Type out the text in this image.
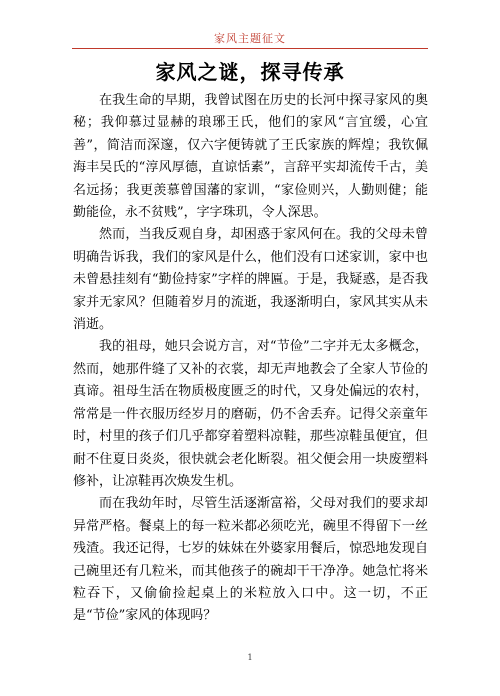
家风主题征文
家风之谜，探寻传承

在我生命的早期，我曾试图在历史的长河中探寻家风的奥秘；我仰慕过显赫的琅琊王氏，他们的家风“言宜缓，心宜善”，简洁而深邃，仅六字便铸就了王氏家族的辉煌；我钦佩海丰吴氏的“淳风厚德，直谅恬素”，言辞平实却流传千古，美名远扬；我更羡慕曾国藩的家训，“家俭则兴，人勤则健；能勤能俭，永不贫贱”，字字珠玑，令人深思。

然而，当我反观自身，却困惑于家风何在。我的父母未曾明确告诉我，我们的家风是什么，他们没有口述家训，家中也未曾悬挂刻有“勤俭持家”字样的牌匾。于是，我疑惑，是否我家并无家风？但随着岁月的流逝，我逐渐明白，家风其实从未消逝。

我的祖母，她只会说方言，对“节俭”二字并无太多概念，然而，她那件缝了又补的衣裳，却无声地教会了全家人节俭的真谛。祖母生活在物质极度匮乏的时代，又身处偏远的农村，常常是一件衣服历经岁月的磨砺，仍不舍丢弃。记得父亲童年时，村里的孩子们几乎都穿着塑料凉鞋，那些凉鞋虽便宜，但耐不住夏日炎炎，很快就会老化断裂。祖父便会用一块废塑料修补，让凉鞋再次焕发生机。

而在我幼年时，尽管生活逐渐富裕，父母对我们的要求却异常严格。餐桌上的每一粒米都必须吃光，碗里不得留下一丝残渣。我还记得，七岁的妹妹在外婆家用餐后，惊恐地发现自己碗里还有几粒米，而其他孩子的碗却干干净净。她急忙将米粒吞下，又偷偷捡起桌上的米粒放入口中。这一切，不正是“节俭”家风的体现吗？

1
